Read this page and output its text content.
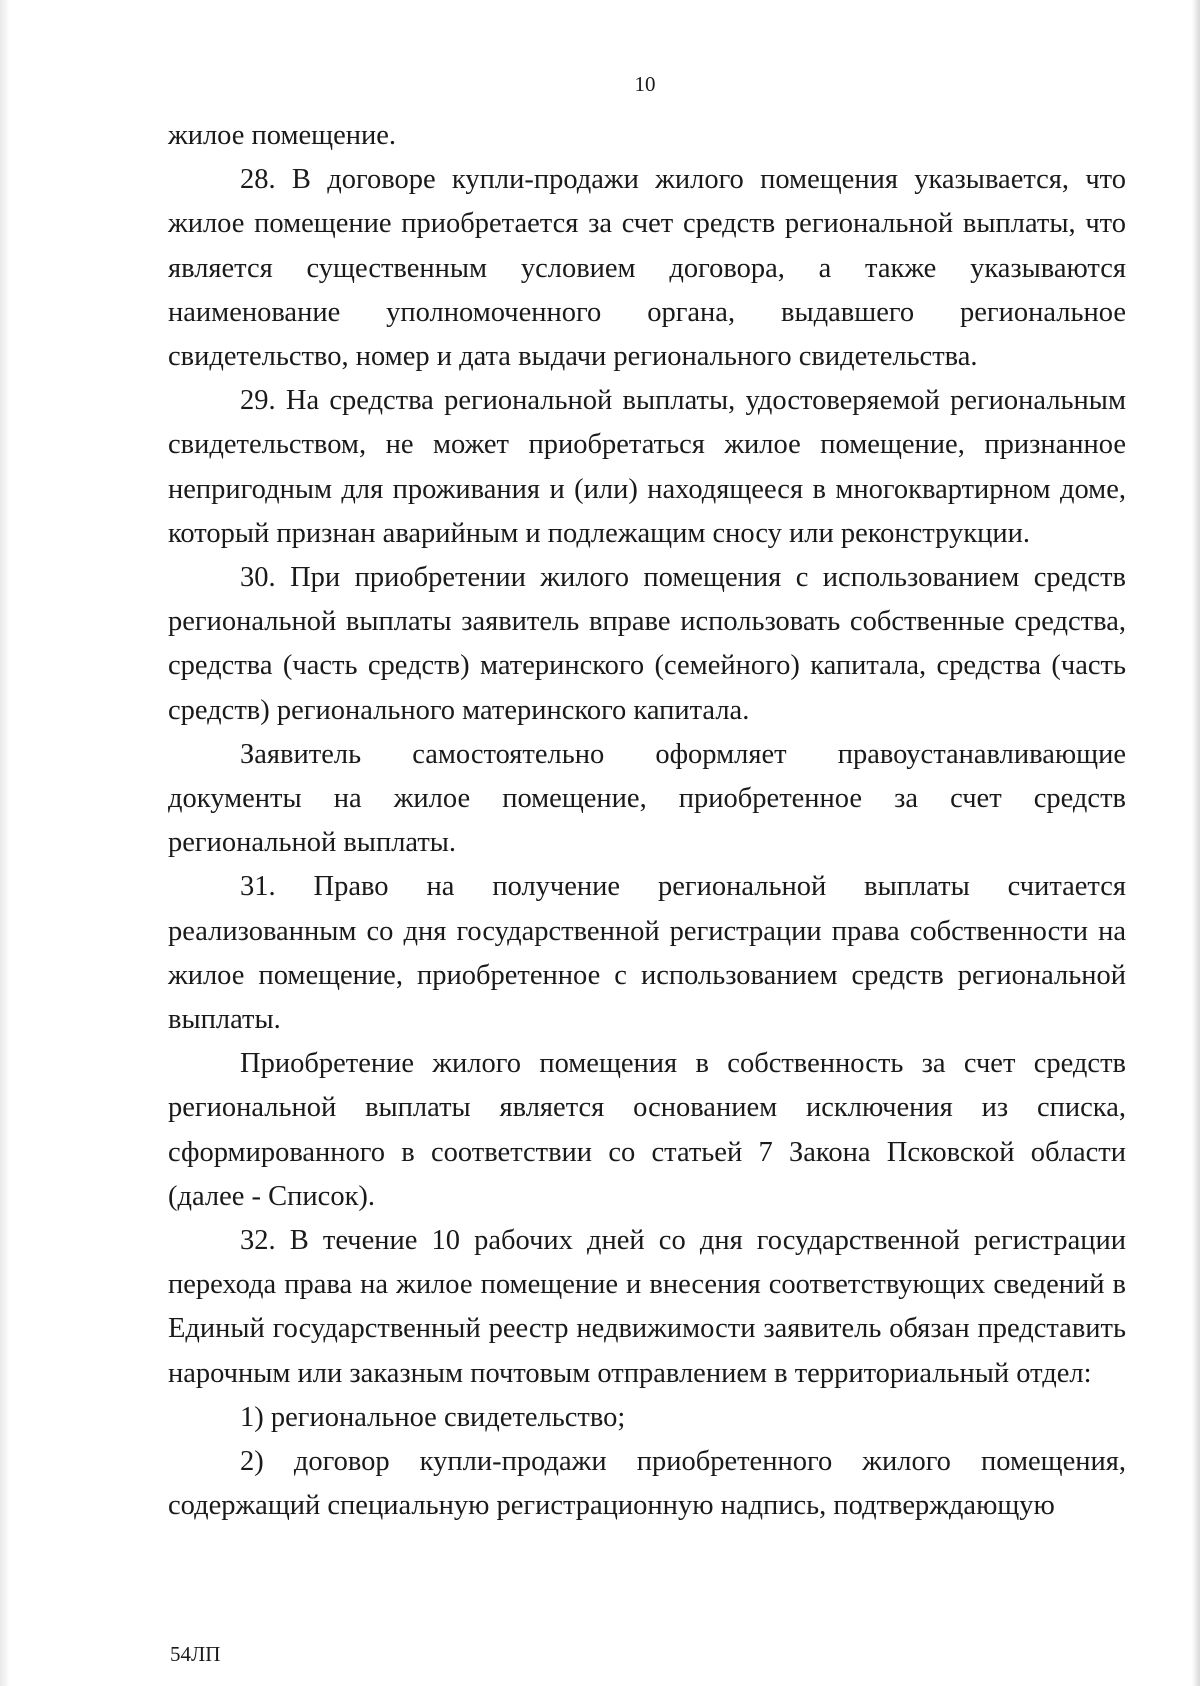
10

жилое помещение.

28. В договоре купли-продажи жилого помещения указывается, что жилое помещение приобретается за счет средств региональной выплаты, что является существенным условием договора, а также указываются наименование уполномоченного органа, выдавшего региональное свидетельство, номер и дата выдачи регионального свидетельства.

29. На средства региональной выплаты, удостоверяемой региональным свидетельством, не может приобретаться жилое помещение, признанное непригодным для проживания и (или) находящееся в многоквартирном доме, который признан аварийным и подлежащим сносу или реконструкции.

30. При приобретении жилого помещения с использованием средств региональной выплаты заявитель вправе использовать собственные средства, средства (часть средств) материнского (семейного) капитала, средства (часть средств) регионального материнского капитала.

Заявитель самостоятельно оформляет правоустанавливающие документы на жилое помещение, приобретенное за счет средств региональной выплаты.

31. Право на получение региональной выплаты считается реализованным со дня государственной регистрации права собственности на жилое помещение, приобретенное с использованием средств региональной выплаты.

Приобретение жилого помещения в собственность за счет средств региональной выплаты является основанием исключения из списка, сформированного в соответствии со статьей 7 Закона Псковской области (далее - Список).

32. В течение 10 рабочих дней со дня государственной регистрации перехода права на жилое помещение и внесения соответствующих сведений в Единый государственный реестр недвижимости заявитель обязан представить нарочным или заказным почтовым отправлением в территориальный отдел:

1) региональное свидетельство;

2) договор купли-продажи приобретенного жилого помещения, содержащий специальную регистрационную надпись, подтверждающую

54ЛП
